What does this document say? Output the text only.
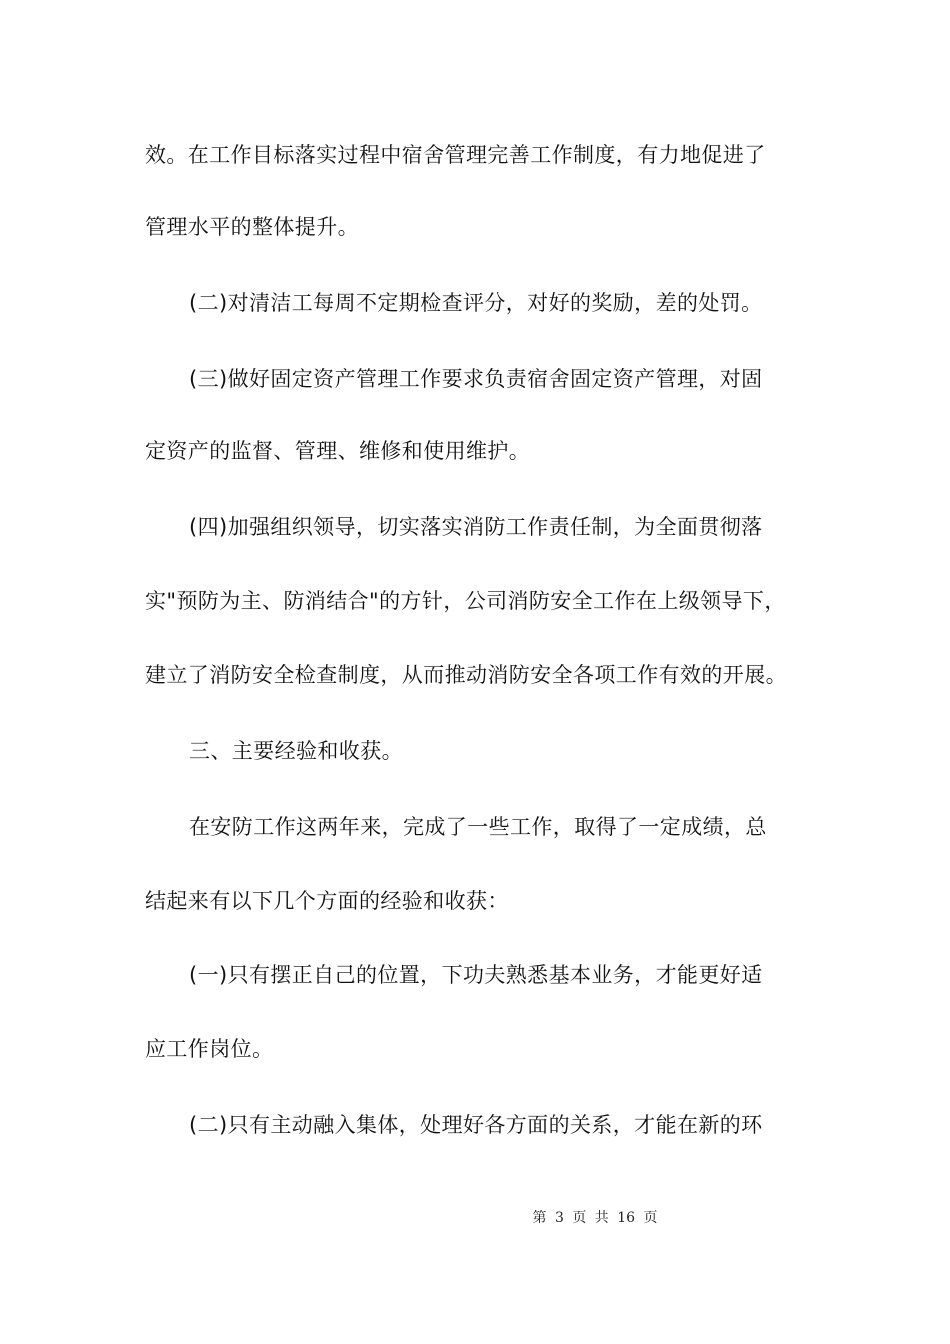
效。在工作目标落实过程中宿舍管理完善工作制度，有力地促进了
管理水平的整体提升。
(二)对清洁工每周不定期检查评分，对好的奖励，差的处罚。
(三)做好固定资产管理工作要求负责宿舍固定资产管理，对固
定资产的监督、管理、维修和使用维护。
(四)加强组织领导，切实落实消防工作责任制，为全面贯彻落
实"预防为主、防消结合"的方针，公司消防安全工作在上级领导下，
建立了消防安全检查制度，从而推动消防安全各项工作有效的开展。
三、主要经验和收获。
在安防工作这两年来，完成了一些工作，取得了一定成绩，总
结起来有以下几个方面的经验和收获：
(一)只有摆正自己的位置，下功夫熟悉基本业务，才能更好适
应工作岗位。
(二)只有主动融入集体，处理好各方面的关系，才能在新的环
第 3 页 共 16 页
